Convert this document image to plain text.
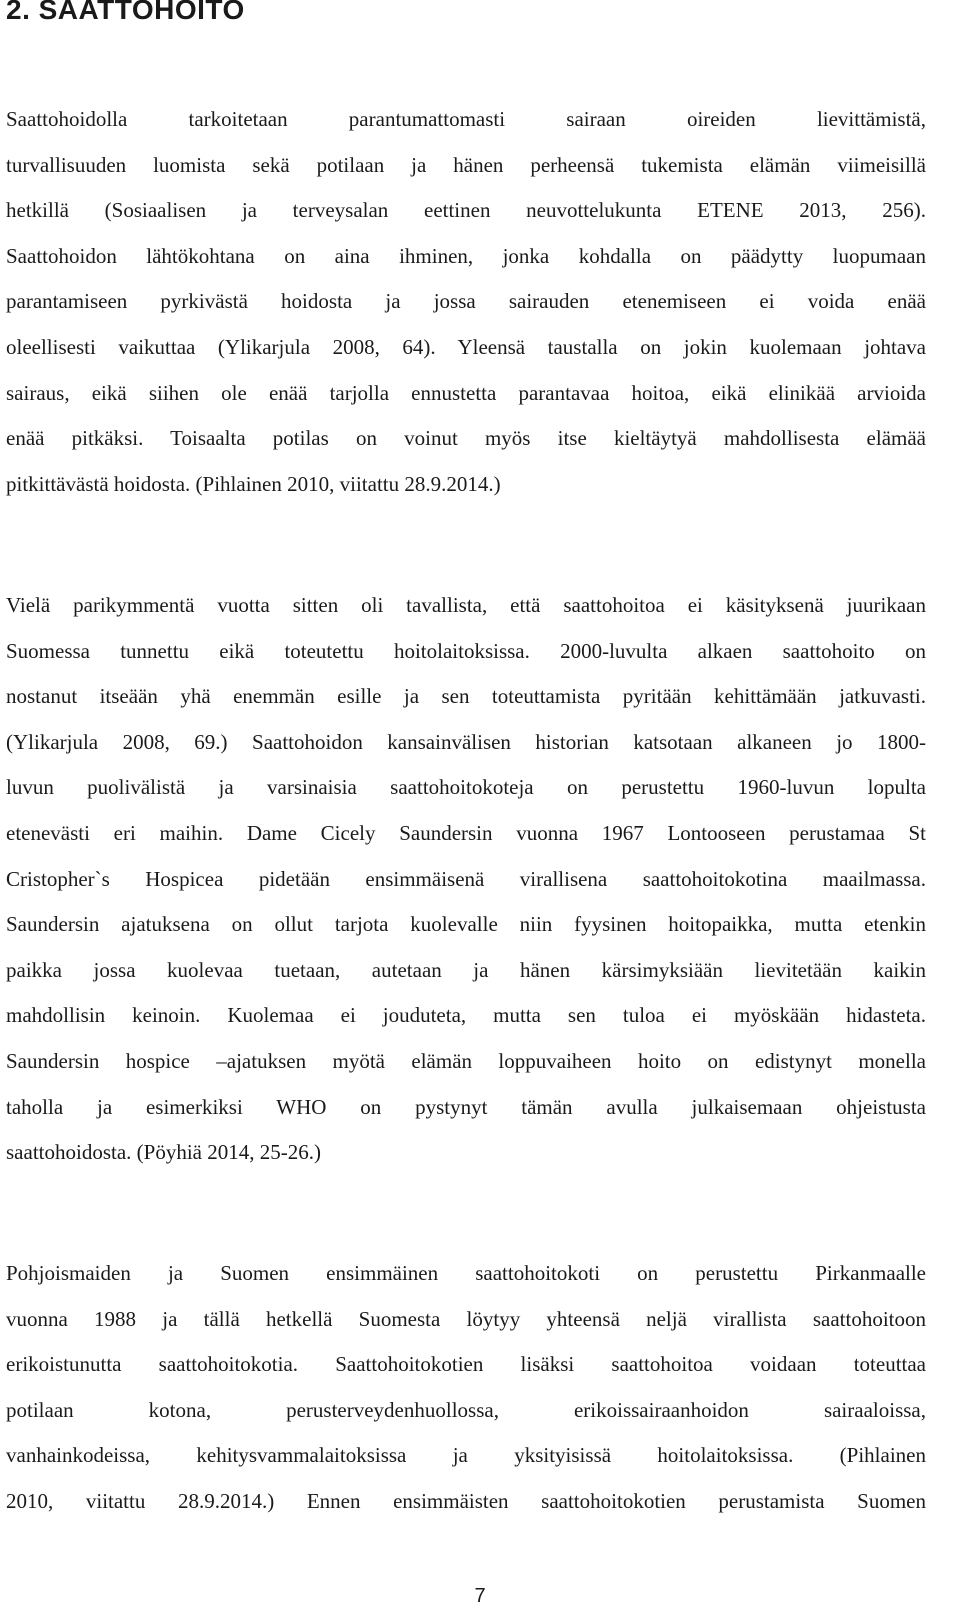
2. SAATTOHOITO
Saattohoidolla tarkoitetaan parantumattomasti sairaan oireiden lievittämistä,
turvallisuuden luomista sekä potilaan ja hänen perheensä tukemista elämän viimeisillä
hetkillä (Sosiaalisen ja terveysalan eettinen neuvottelukunta ETENE 2013, 256).
Saattohoidon lähtökohtana on aina ihminen, jonka kohdalla on päädytty luopumaan
parantamiseen pyrkivästä hoidosta ja jossa sairauden etenemiseen ei voida enää
oleellisesti vaikuttaa (Ylikarjula 2008, 64). Yleensä taustalla on jokin kuolemaan johtava
sairaus, eikä siihen ole enää tarjolla ennustetta parantavaa hoitoa, eikä elinikää arvioida
enää pitkäksi. Toisaalta potilas on voinut myös itse kieltäytyä mahdollisesta elämää
pitkittävästä hoidosta. (Pihlainen 2010, viitattu 28.9.2014.)
Vielä parikymmentä vuotta sitten oli tavallista, että saattohoitoa ei käsityksenä juurikaan
Suomessa tunnettu eikä toteutettu hoitolaitoksissa. 2000-luvulta alkaen saattohoito on
nostanut itseään yhä enemmän esille ja sen toteuttamista pyritään kehittämään jatkuvasti.
(Ylikarjula 2008, 69.) Saattohoidon kansainvälisen historian katsotaan alkaneen jo 1800-
luvun puolivälistä ja varsinaisia saattohoitokoteja on perustettu 1960-luvun lopulta
etenevästi eri maihin. Dame Cicely Saundersin vuonna 1967 Lontooseen perustamaa St
Cristopher`s Hospicea pidetään ensimmäisenä virallisena saattohoitokotina maailmassa.
Saundersin ajatuksena on ollut tarjota kuolevalle niin fyysinen hoitopaikka, mutta etenkin
paikka jossa kuolevaa tuetaan, autetaan ja hänen kärsimyksiään lievitetään kaikin
mahdollisin keinoin. Kuolemaa ei jouduteta, mutta sen tuloa ei myöskään hidasteta.
Saundersin hospice –ajatuksen myötä elämän loppuvaiheen hoito on edistynyt monella
taholla ja esimerkiksi WHO on pystynyt tämän avulla julkaisemaan ohjeistusta
saattohoidosta. (Pöyhiä 2014, 25-26.)
Pohjoismaiden ja Suomen ensimmäinen saattohoitokoti on perustettu Pirkanmaalle
vuonna 1988 ja tällä hetkellä Suomesta löytyy yhteensä neljä virallista saattohoitoon
erikoistunutta saattohoitokotia. Saattohoitokotien lisäksi saattohoitoa voidaan toteuttaa
potilaan kotona, perusterveydenhuollossa, erikoissairaanhoidon sairaaloissa,
vanhainkodeissa, kehitysvammalaitoksissa ja yksityisissä hoitolaitoksissa. (Pihlainen
2010, viitattu 28.9.2014.) Ennen ensimmäisten saattohoitokotien perustamista Suomen
7
